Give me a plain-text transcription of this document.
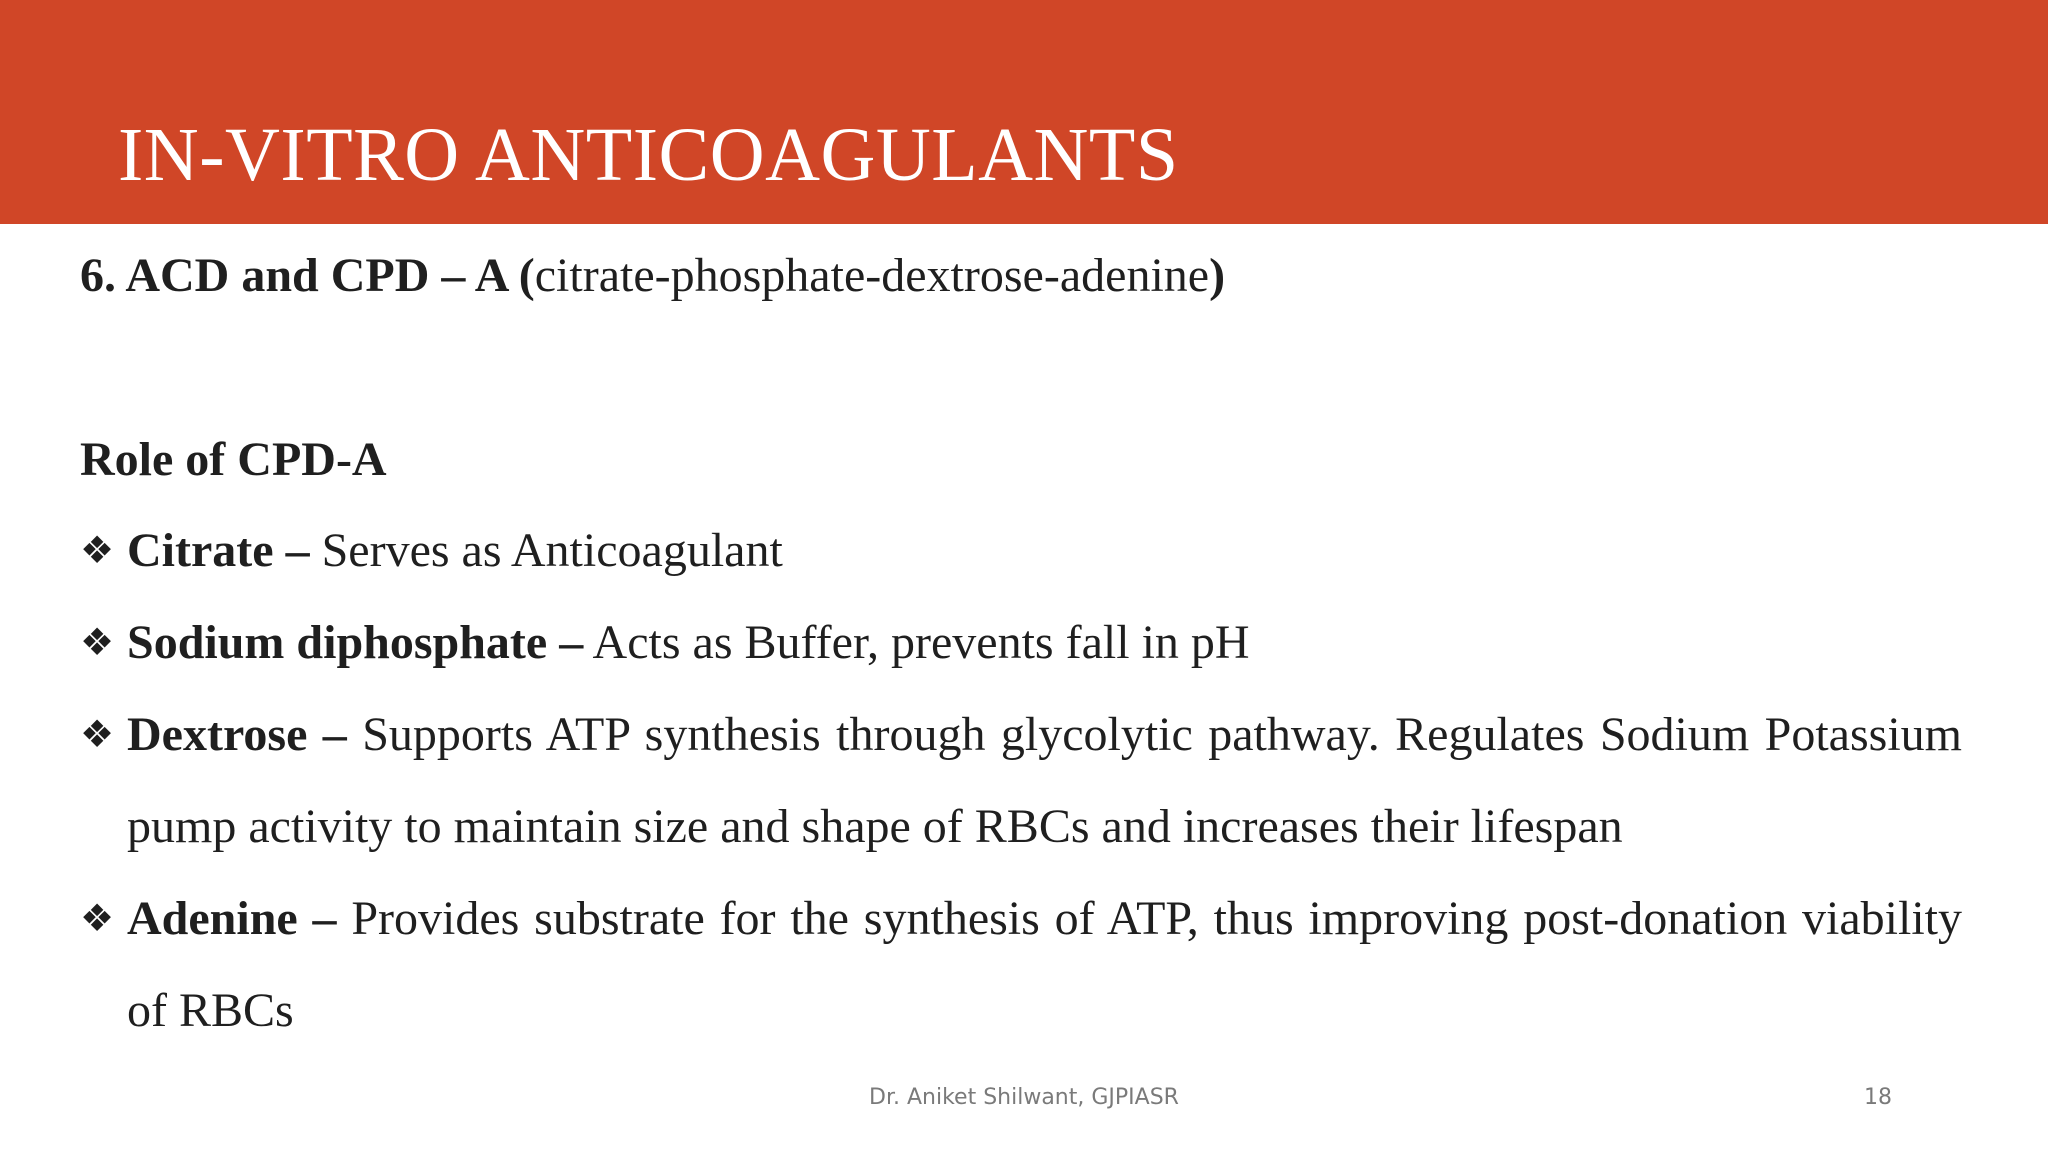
IN-VITRO ANTICOAGULANTS
6. ACD and CPD – A (citrate-phosphate-dextrose-adenine)
Role of CPD-A
❖ Citrate – Serves as Anticoagulant
❖ Sodium diphosphate – Acts as Buffer, prevents fall in pH
❖ Dextrose – Supports ATP synthesis through glycolytic pathway. Regulates Sodium Potassium pump activity to maintain size and shape of RBCs and increases their lifespan
❖ Adenine – Provides substrate for the synthesis of ATP, thus improving post-donation viability of RBCs
Dr. Aniket Shilwant, GJPIASR	18
